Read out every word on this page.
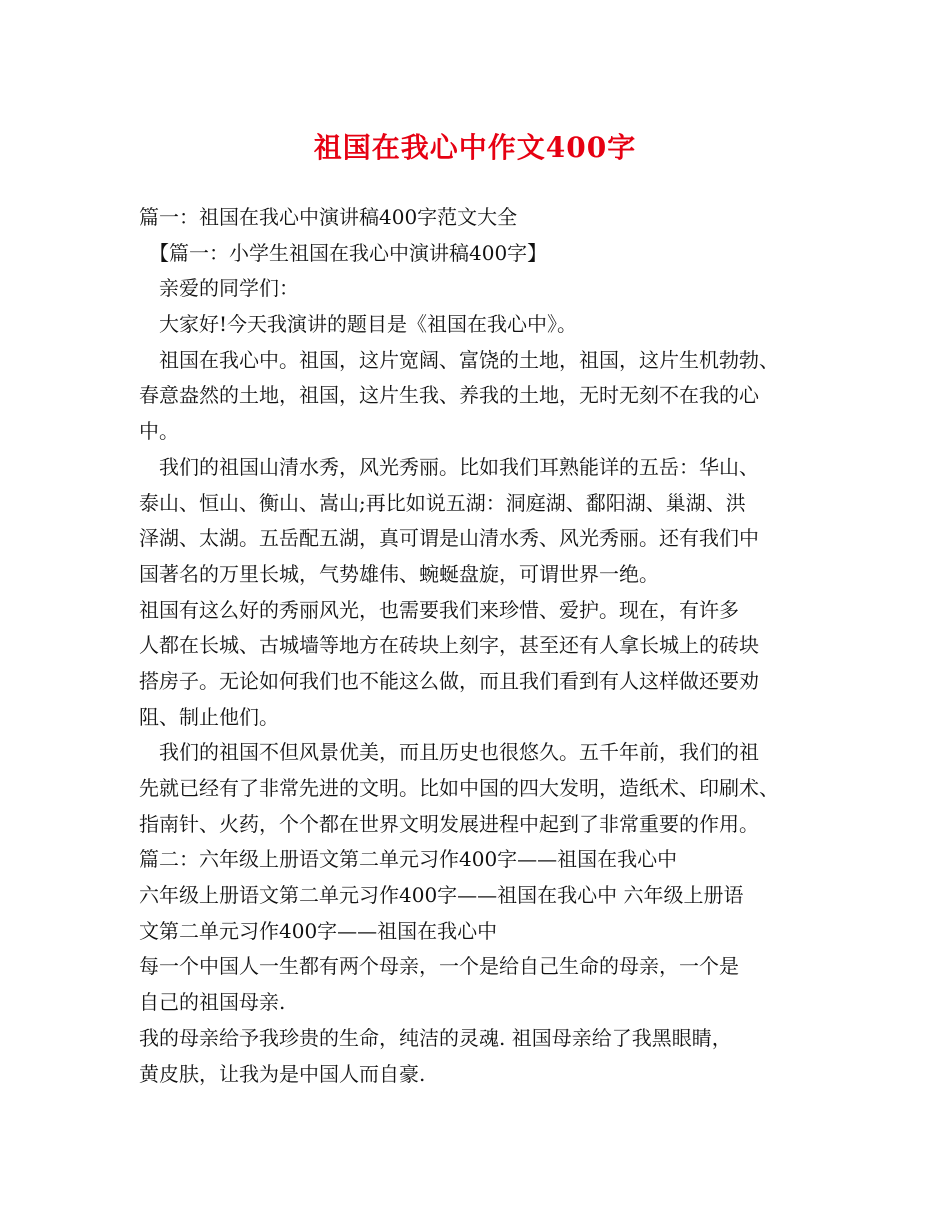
祖国在我心中作文400字
篇一：祖国在我心中演讲稿400字范文大全
　【篇一：小学生祖国在我心中演讲稿400字】
　亲爱的同学们：
　大家好!今天我演讲的题目是《祖国在我心中》。
　祖国在我心中。祖国，这片宽阔、富饶的土地，祖国，这片生机勃勃、
春意盎然的土地，祖国，这片生我、养我的土地，无时无刻不在我的心
中。
　我们的祖国山清水秀，风光秀丽。比如我们耳熟能详的五岳：华山、
泰山、恒山、衡山、嵩山;再比如说五湖：洞庭湖、鄱阳湖、巢湖、洪
泽湖、太湖。五岳配五湖，真可谓是山清水秀、风光秀丽。还有我们中
国著名的万里长城，气势雄伟、蜿蜒盘旋，可谓世界一绝。
祖国有这么好的秀丽风光，也需要我们来珍惜、爱护。现在，有许多
人都在长城、古城墙等地方在砖块上刻字，甚至还有人拿长城上的砖块
搭房子。无论如何我们也不能这么做，而且我们看到有人这样做还要劝
阻、制止他们。
　我们的祖国不但风景优美，而且历史也很悠久。五千年前，我们的祖
先就已经有了非常先进的文明。比如中国的四大发明，造纸术、印刷术、
指南针、火药，个个都在世界文明发展进程中起到了非常重要的作用。
篇二：六年级上册语文第二单元习作400字——祖国在我心中
六年级上册语文第二单元习作400字——祖国在我心中 六年级上册语
文第二单元习作400字——祖国在我心中
每一个中国人一生都有两个母亲，一个是给自己生命的母亲，一个是
自己的祖国母亲.
我的母亲给予我珍贵的生命，纯洁的灵魂. 祖国母亲给了我黑眼睛，
黄皮肤，让我为是中国人而自豪.
